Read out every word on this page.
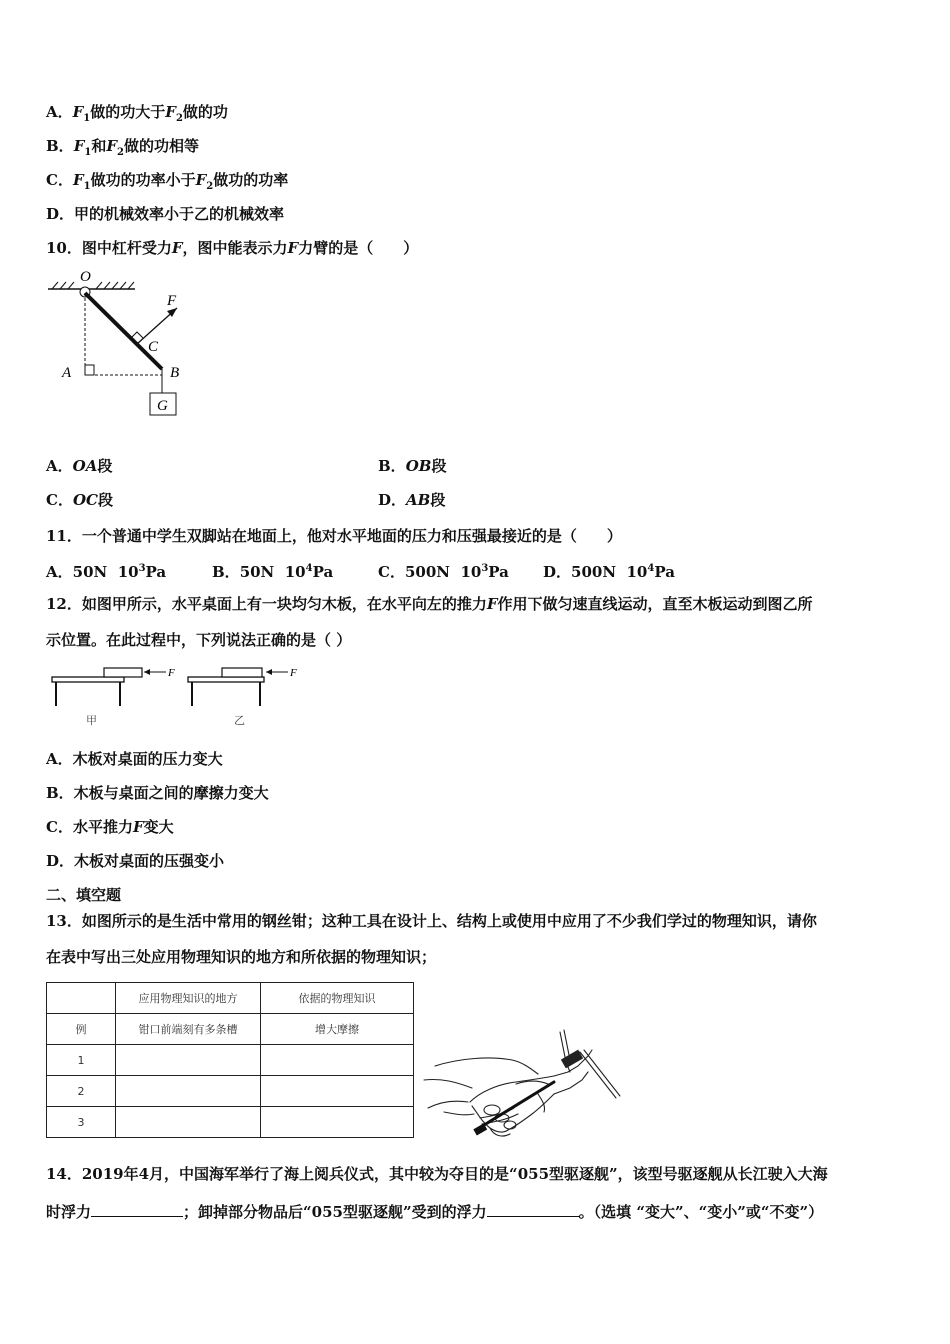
A．$F_1$做的功大于$F_2$做的功
B．$F_1$和$F_2$做的功相等
C．$F_1$做功的功率小于$F_2$做功的功率
D．甲的机械效率小于乙的机械效率
10．图中杠杆受力F，图中能表示力F力臂的是（　　）
O
F
C
A	B
G
A．OA段	B．OB段
C．OC段	D．AB段
11．一个普通中学生双脚站在地面上，他对水平地面的压力和压强最接近的是（　　）
A．50N $10^3Pa$	B．50N $10^4Pa$	C．500N $10^3Pa$ D．500N $10^4Pa$
12．如图甲所示，水平桌面上有一块均匀木板，在水平向左的推力F作用下做匀速直线运动，直至木板运动到图乙所
示位置。在此过程中，下列说法正确的是（ ）
F
甲
F
乙
A．木板对桌面的压力变大
B．木板与桌面之间的摩擦力变大
C．水平推力F变大
D．木板对桌面的压强变小
二、填空题
13．如图所示的是生活中常用的钢丝钳；这种工具在设计上、结构上或使用中应用了不少我们学过的物理知识，请你
在表中写出三处应用物理知识的地方和所依据的物理知识；
	应用物理知识的地方	依据的物理知识
例	钳口前端刻有多条槽	增大摩擦
1		
2		
3		
14．2019年4月，中国海军举行了海上阅兵仪式，其中较为夺目的是“055型驱逐舰”，该型号驱逐舰从长江驶入大海
时浮力	；卸掉部分物品后“055型驱逐舰”受到的浮力	。（选填 “变大”、“变小”或“不变”）
